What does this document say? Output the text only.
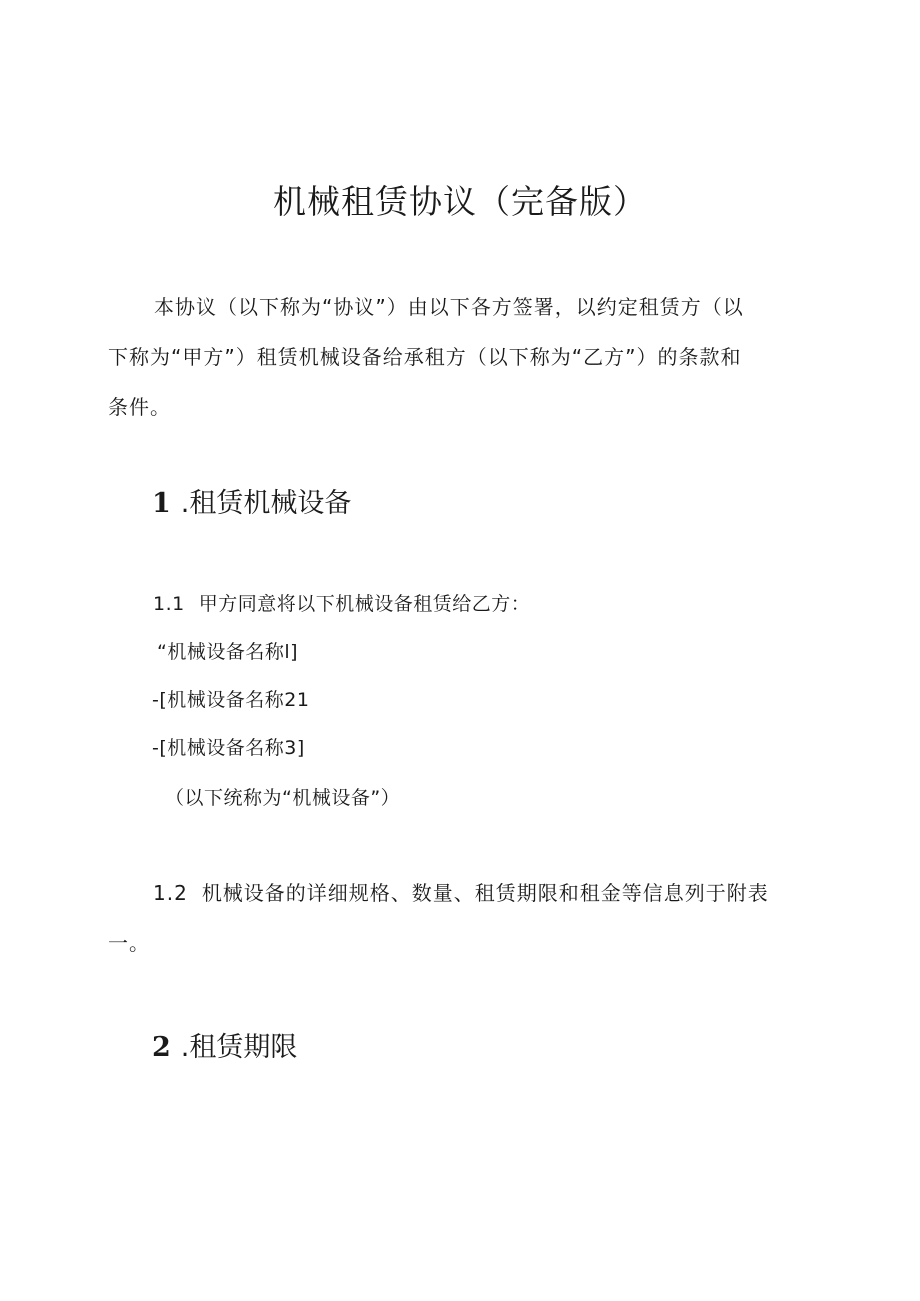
机械租赁协议（完备版）

本协议（以下称为“协议”）由以下各方签署，以约定租赁方（以
下称为“甲方”）租赁机械设备给承租方（以下称为“乙方”）的条款和
条件。

1 .租赁机械设备

1.1 甲方同意将以下机械设备租赁给乙方：

“机械设备名称l]

-[机械设备名称21

-[机械设备名称3]

（以下统称为“机械设备”）

1.2 机械设备的详细规格、数量、租赁期限和租金等信息列于附表
一。

2 .租赁期限
